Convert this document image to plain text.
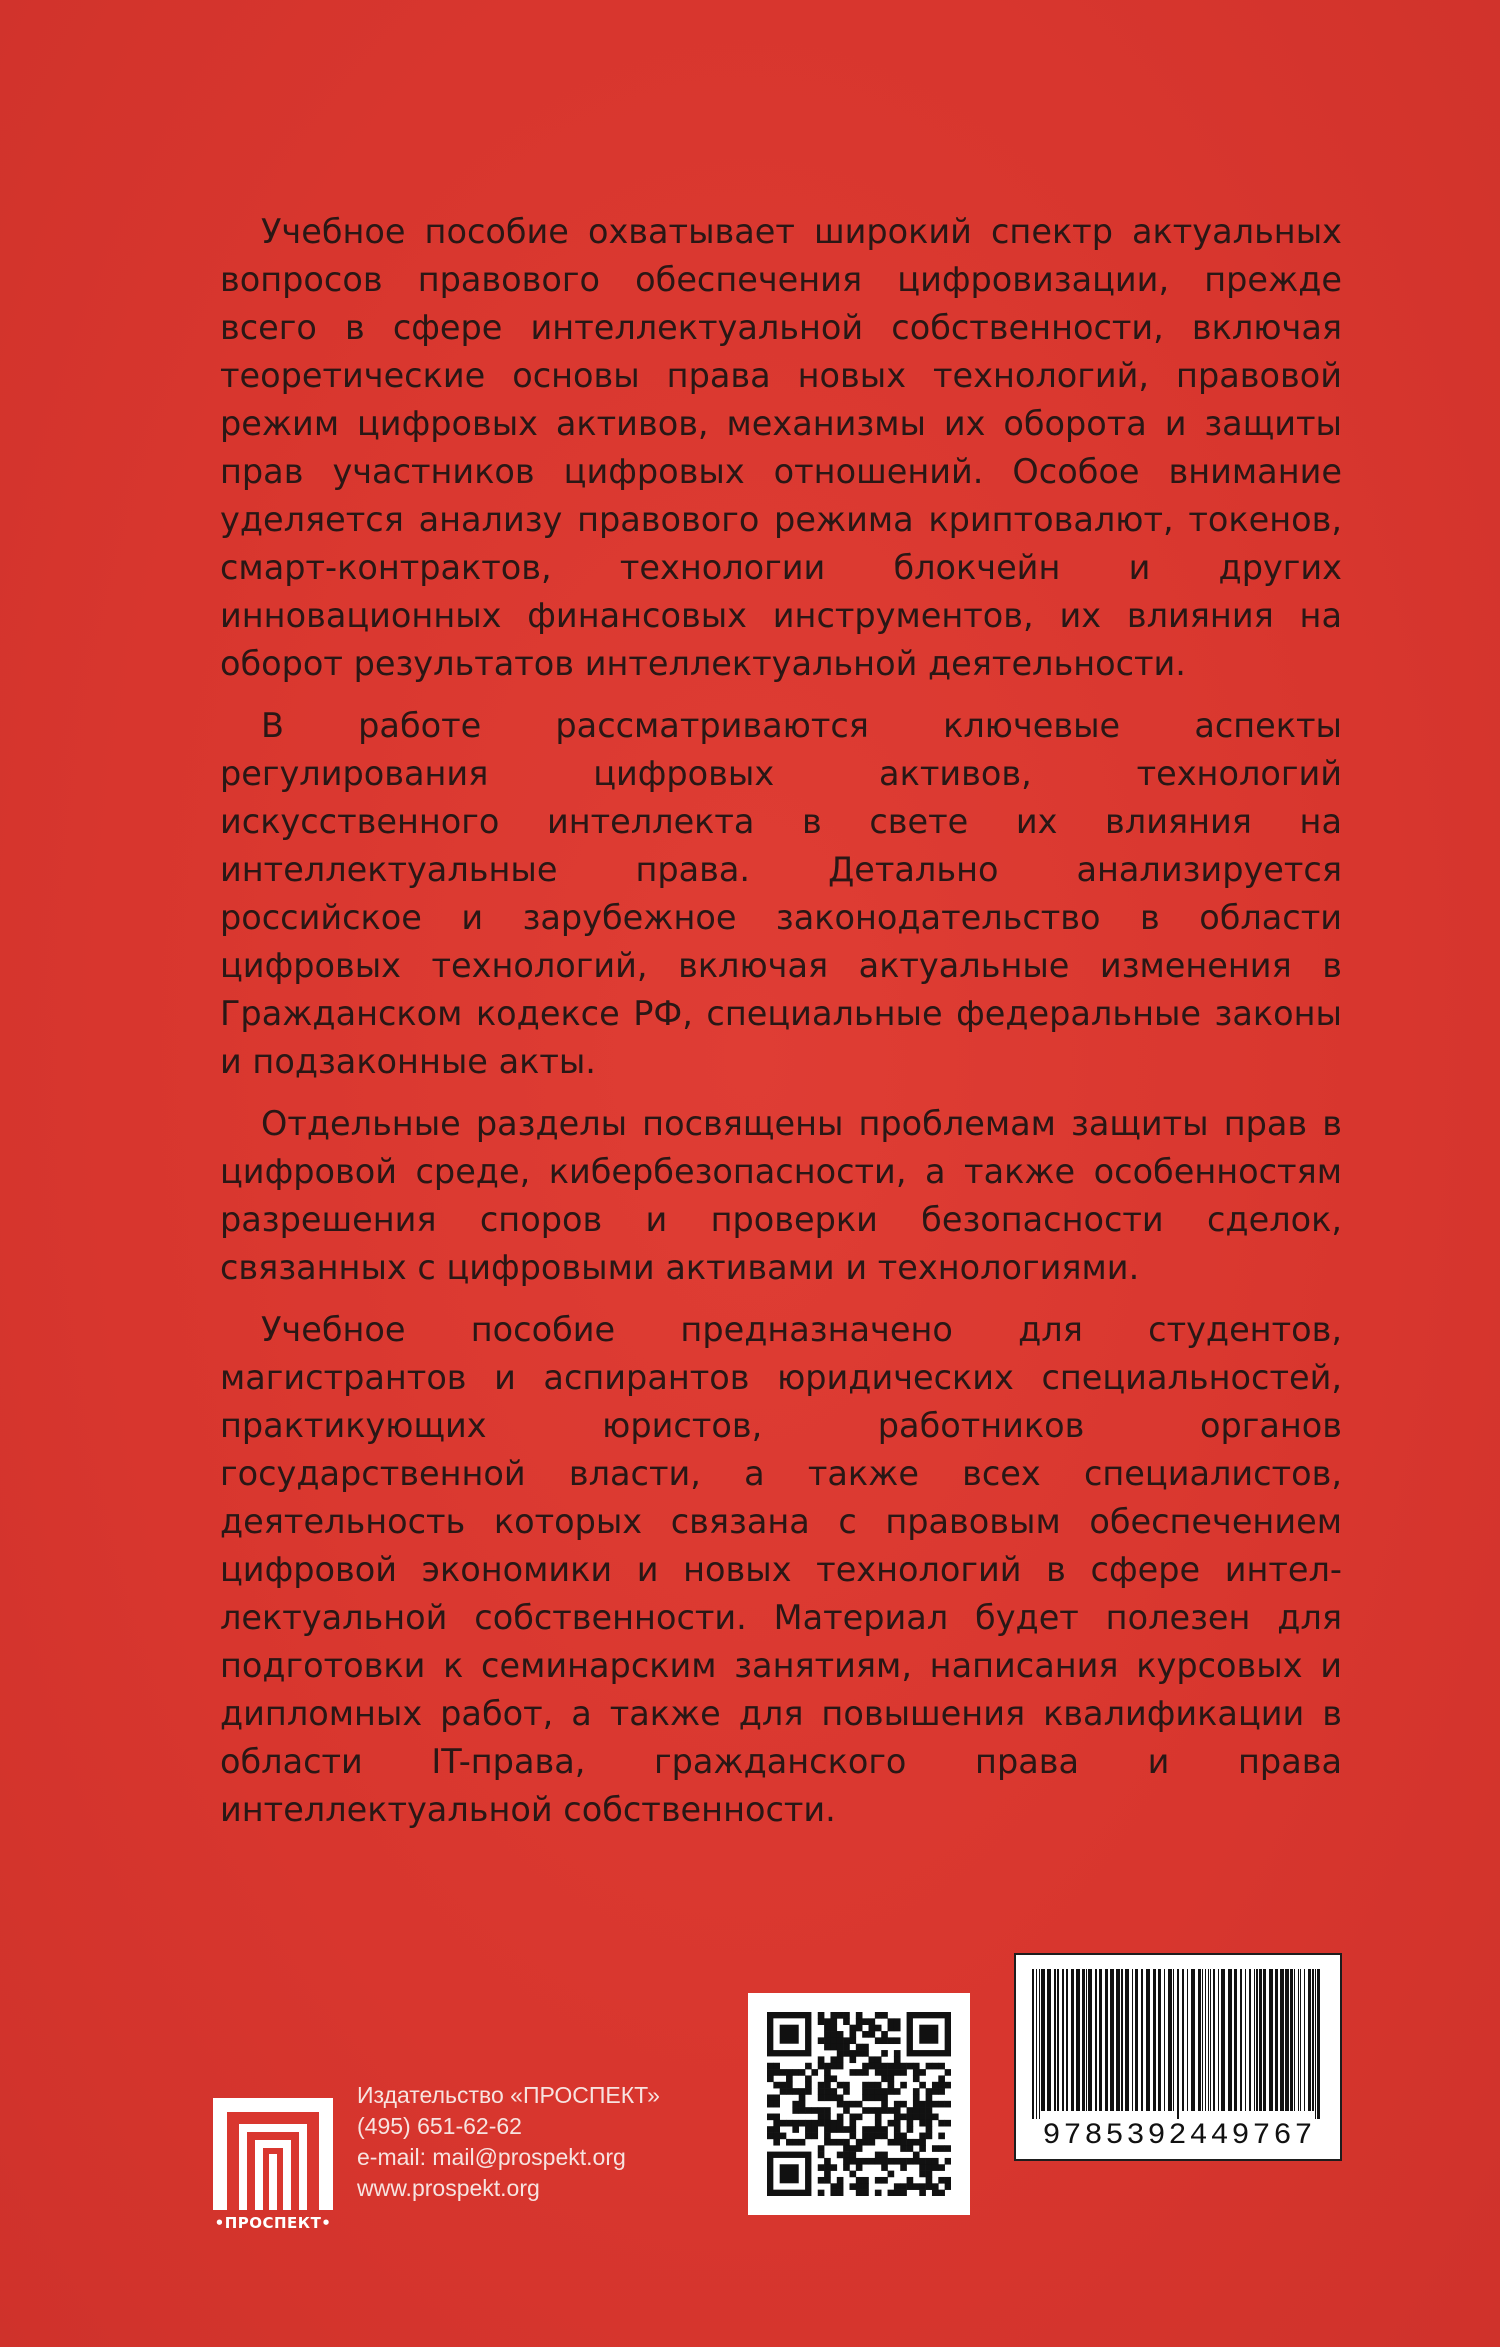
Учебное пособие охватывает широкий спектр актуальных вопросов правового обеспечения цифровизации, прежде всего в сфере интеллектуальной собственности, включая теоретические основы права новых технологий, правовой режим цифровых активов, механизмы их оборота и защиты прав участников цифровых отношений. Особое внимание уделяется анализу правового режима криптовалют, токенов, смарт-контрактов, технологии блокчейн и других инновационных финансовых инструментов, их влияния на оборот результатов интеллектуальной деятельности.

В работе рассматриваются ключевые аспекты регулирования цифровых активов, технологий искусственного интеллекта в свете их влияния на интеллектуальные права. Детально анализируется российское и зарубежное законодательство в области цифровых технологий, включая актуальные изменения в Гражданском кодексе РФ, специальные федеральные законы и подзаконные акты.

Отдельные разделы посвящены проблемам защиты прав в цифровой среде, кибербезопасности, а также особенностям разрешения споров и проверки безопасности сделок, связанных с цифровыми активами и технологиями.

Учебное пособие предназначено для студентов, магистрантов и аспирантов юридических специальностей, практикующих юристов, работников органов государственной власти, а также всех специалистов, деятельность которых связана с правовым обеспечением цифровой экономики и новых технологий в сфере интеллектуальной собственности. Материал будет полезен для подготовки к семинарским занятиям, написания курсовых и дипломных работ, а также для повышения квалификации в области IT-права, гражданского права и права интеллектуальной собственности.

•ПРОСПЕКТ•
Издательство «ПРОСПЕКТ»
(495) 651-62-62
e-mail: mail@prospekt.org
www.prospekt.org
9785392449767
